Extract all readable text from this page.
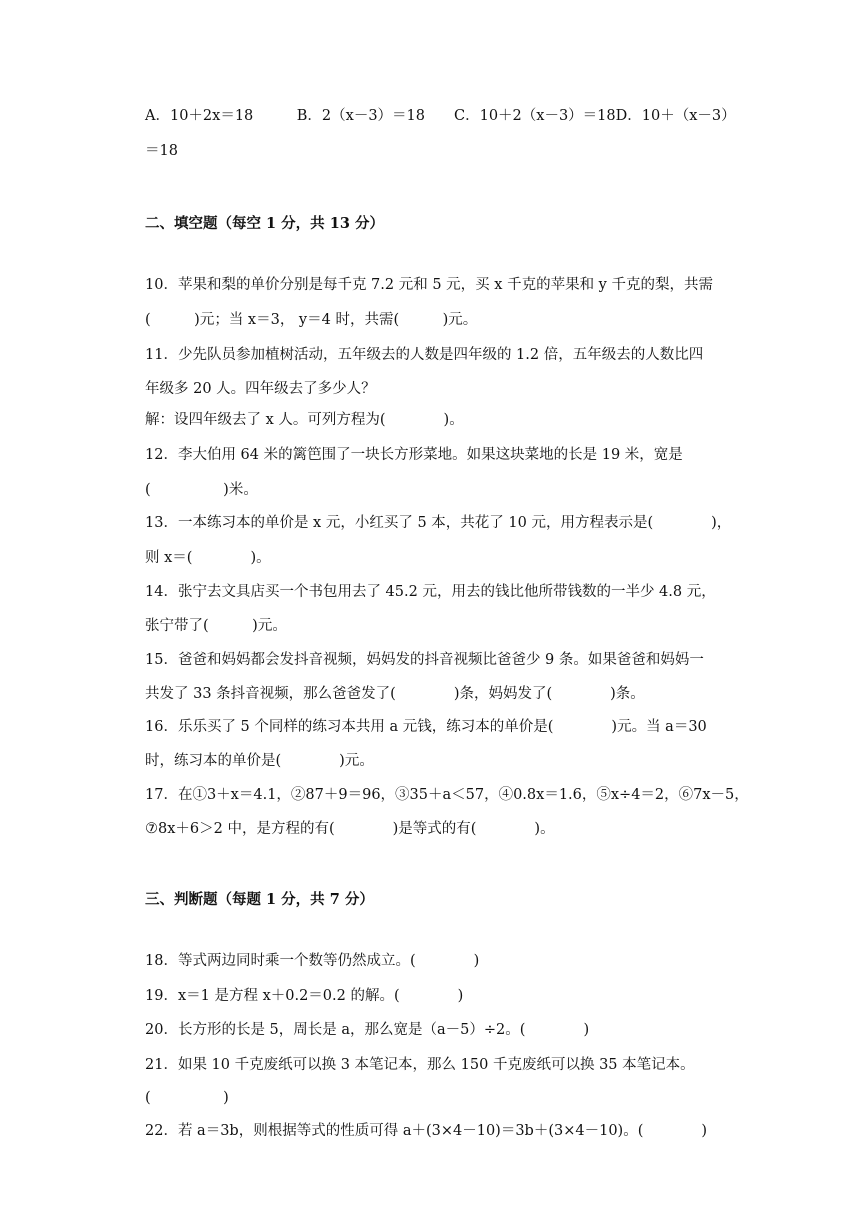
A．10＋2x＝18　　　B．2（x－3）＝18　　C．10＋2（x－3）＝18D．10＋（x－3）
＝18
二、填空题（每空 1 分，共 13 分）
10．苹果和梨的单价分别是每千克 7.2 元和 5 元，买 x 千克的苹果和 y 千克的梨，共需
(　　　)元；当 x＝3， y＝4 时，共需(　　　)元。
11．少先队员参加植树活动，五年级去的人数是四年级的 1.2 倍，五年级去的人数比四
年级多 20 人。四年级去了多少人？
解：设四年级去了 x 人。可列方程为(　　　　)。
12．李大伯用 64 米的篱笆围了一块长方形菜地。如果这块菜地的长是 19 米，宽是
(　　　　　)米。
13．一本练习本的单价是 x 元，小红买了 5 本，共花了 10 元，用方程表示是(　　　　)，
则 x＝(　　　　)。
14．张宁去文具店买一个书包用去了 45.2 元，用去的钱比他所带钱数的一半少 4.8 元，
张宁带了(　　　)元。
15．爸爸和妈妈都会发抖音视频，妈妈发的抖音视频比爸爸少 9 条。如果爸爸和妈妈一
共发了 33 条抖音视频，那么爸爸发了(　　　　)条，妈妈发了(　　　　)条。
16．乐乐买了 5 个同样的练习本共用 a 元钱，练习本的单价是(　　　　)元。当 a＝30
时，练习本的单价是(　　　　)元。
17．在①3＋x＝4.1，②87＋9＝96，③35＋a＜57，④0.8x＝1.6，⑤x÷4＝2，⑥7x－5，
⑦8x＋6＞2 中，是方程的有(　　　　)是等式的有(　　　　)。
三、判断题（每题 1 分，共 7 分）
18．等式两边同时乘一个数等仍然成立。(　　　　)
19．x＝1 是方程 x＋0.2＝0.2 的解。(　　　　)
20．长方形的长是 5，周长是 a，那么宽是（a－5）÷2。(　　　　)
21．如果 10 千克废纸可以换 3 本笔记本，那么 150 千克废纸可以换 35 本笔记本。
(　　　　　)
22．若 a＝3b，则根据等式的性质可得 a＋(3×4－10)＝3b＋(3×4－10)。(　　　　)
